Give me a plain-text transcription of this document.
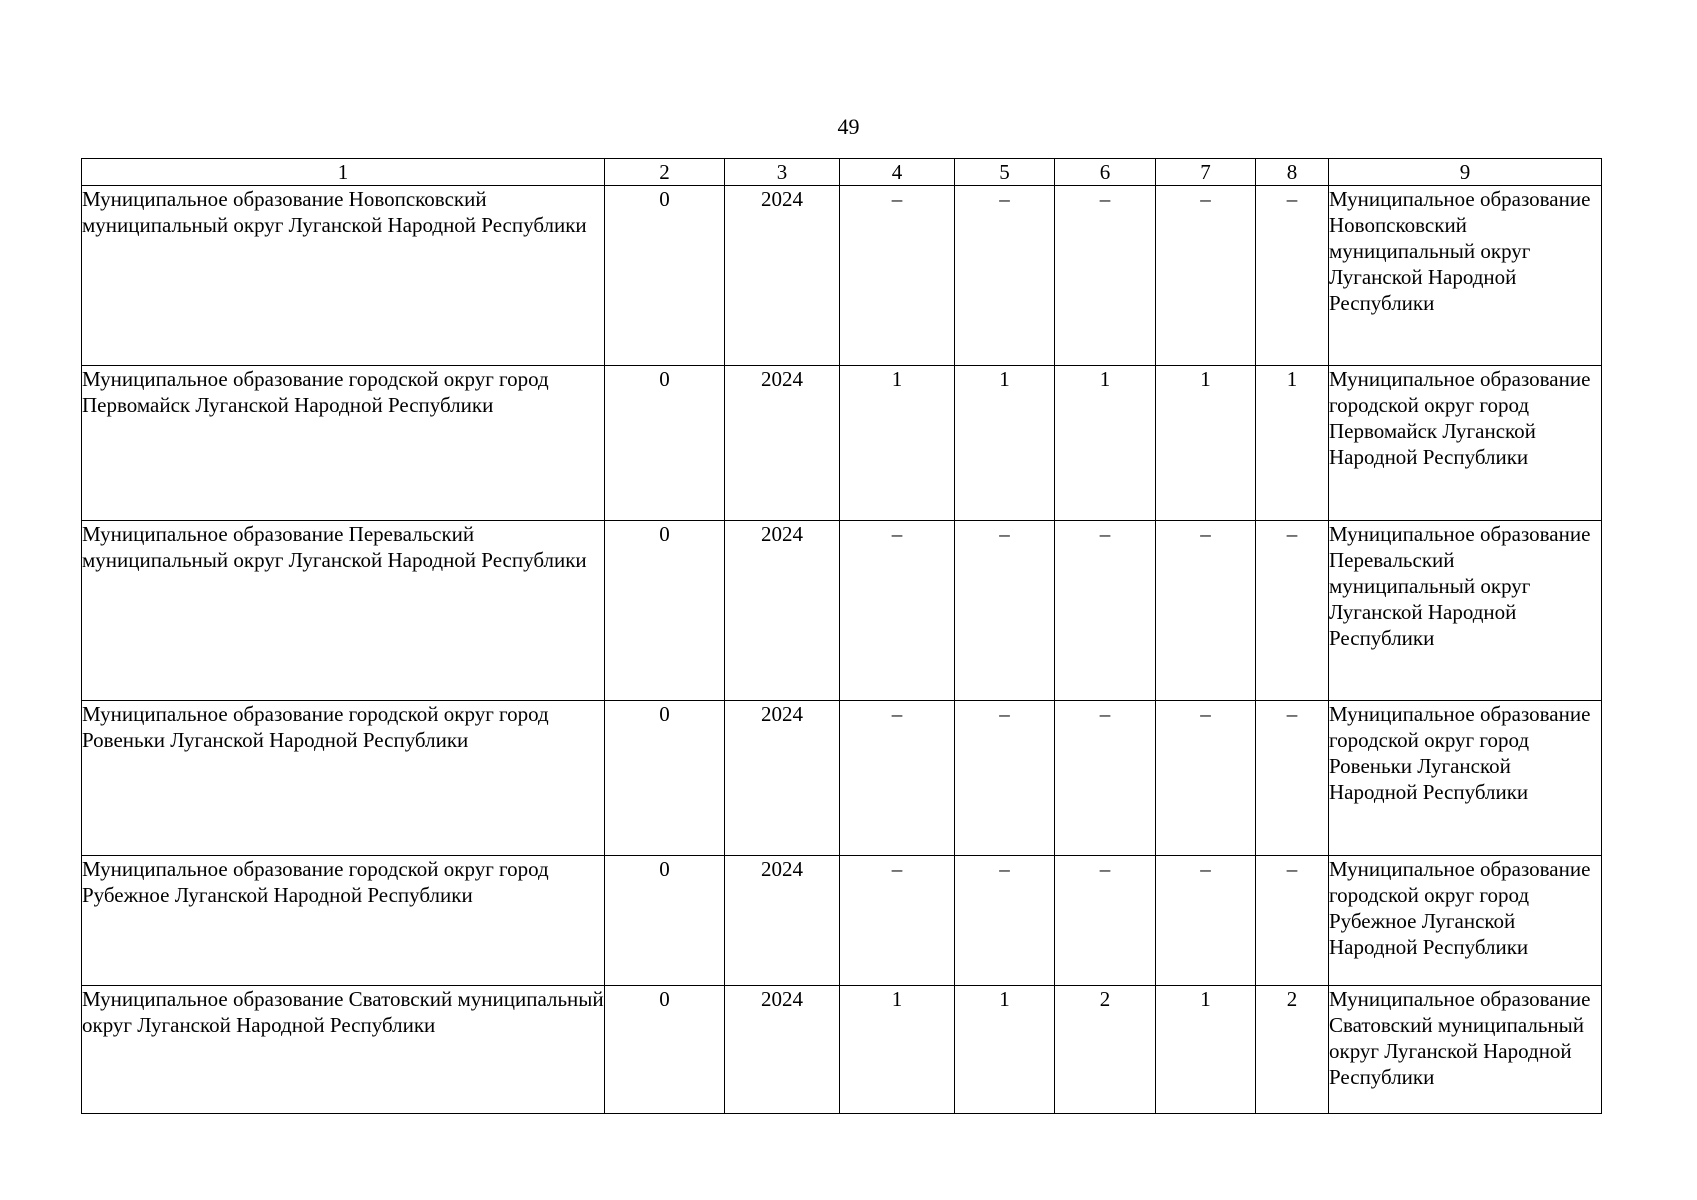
49
1	2	3	4	5	6	7	8	9
Муниципальное образование Новопсковский муниципальный округ Луганской Народной Республики	0	2024	–	–	–	–	–	Муниципальное образование Новопсковский муниципальный округ Луганской Народной Республики
Муниципальное образование городской округ город Первомайск Луганской Народной Республики	0	2024	1	1	1	1	1	Муниципальное образование городской округ город Первомайск Луганской Народной Республики
Муниципальное образование Перевальский муниципальный округ Луганской Народной Республики	0	2024	–	–	–	–	–	Муниципальное образование Перевальский муниципальный округ Луганской Народной Республики
Муниципальное образование городской округ город Ровеньки Луганской Народной Республики	0	2024	–	–	–	–	–	Муниципальное образование городской округ город Ровеньки Луганской Народной Республики
Муниципальное образование городской округ город Рубежное Луганской Народной Республики	0	2024	–	–	–	–	–	Муниципальное образование городской округ город Рубежное Луганской Народной Республики
Муниципальное образование Сватовский муниципальный округ Луганской Народной Республики	0	2024	1	1	2	1	2	Муниципальное образование Сватовский муниципальный округ Луганской Народной Республики
